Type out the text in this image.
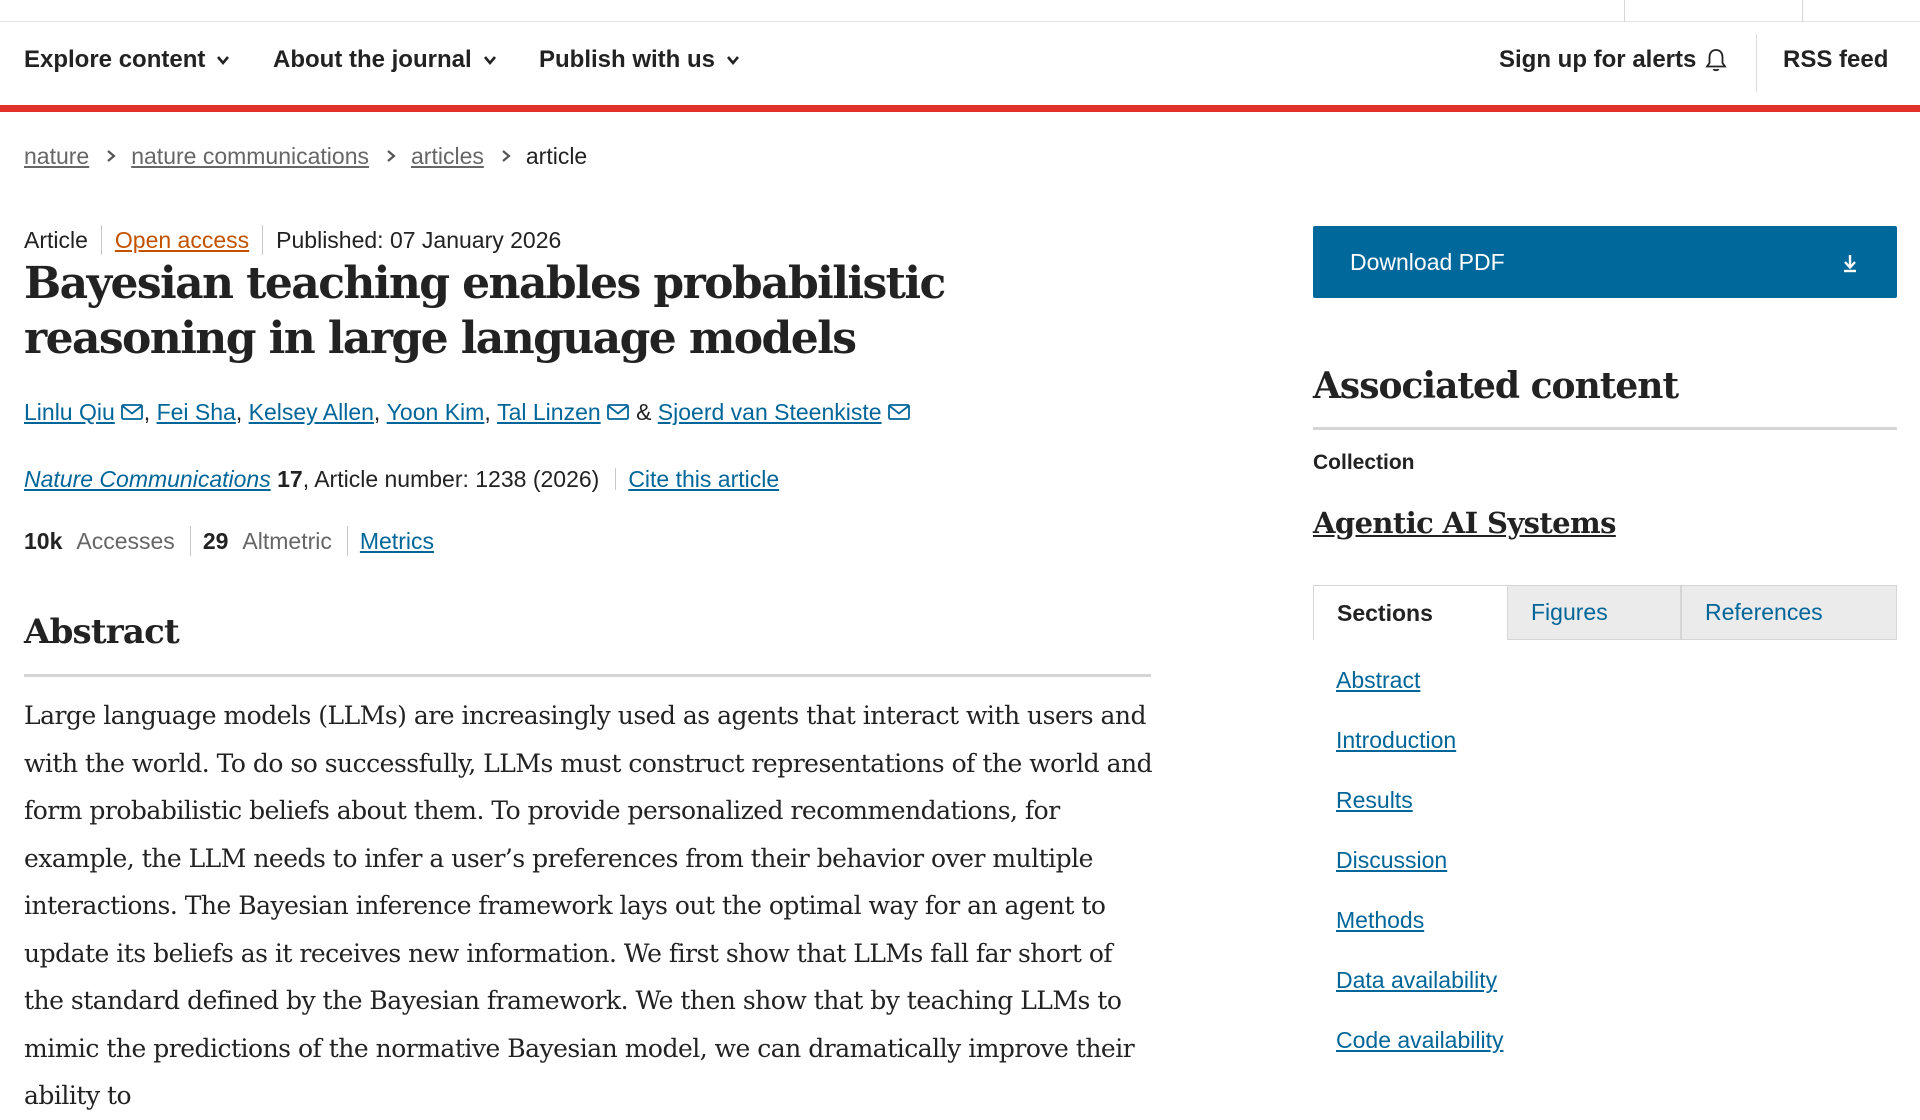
Explore content	About the journal	Publish with us	Sign up for alerts	RSS feed
nature nature communications articles article
Article Open access Published: 07 January 2026
Bayesian teaching enables probabilistic reasoning in large language models
Linlu Qiu ,
Fei Sha ,
Kelsey Allen ,
Yoon Kim ,
Tal Linzen
&
Sjoerd van Steenkiste
Nature Communications
17 , Article number: 1238 (2026) Cite this article
10k Accesses 29 Altmetric Metrics
Abstract

Large language models (LLMs) are increasingly used as agents that interact with users and with the world. To do so successfully, LLMs must construct representations of the world and form probabilistic beliefs about them. To provide personalized recommendations, for example, the LLM needs to infer a user’s preferences from their behavior over multiple interactions. The Bayesian inference framework lays out the optimal way for an agent to update its beliefs as it receives new information. We first show that LLMs fall far short of the standard defined by the Bayesian framework. We then show that by teaching LLMs to mimic the predictions of the normative Bayesian model, we can dramatically improve their ability to

Download PDF
Associated content
Collection
Agentic AI Systems
Sections	Figures	References
Abstract
Introduction
Results
Discussion
Methods
Data availability
Code availability
